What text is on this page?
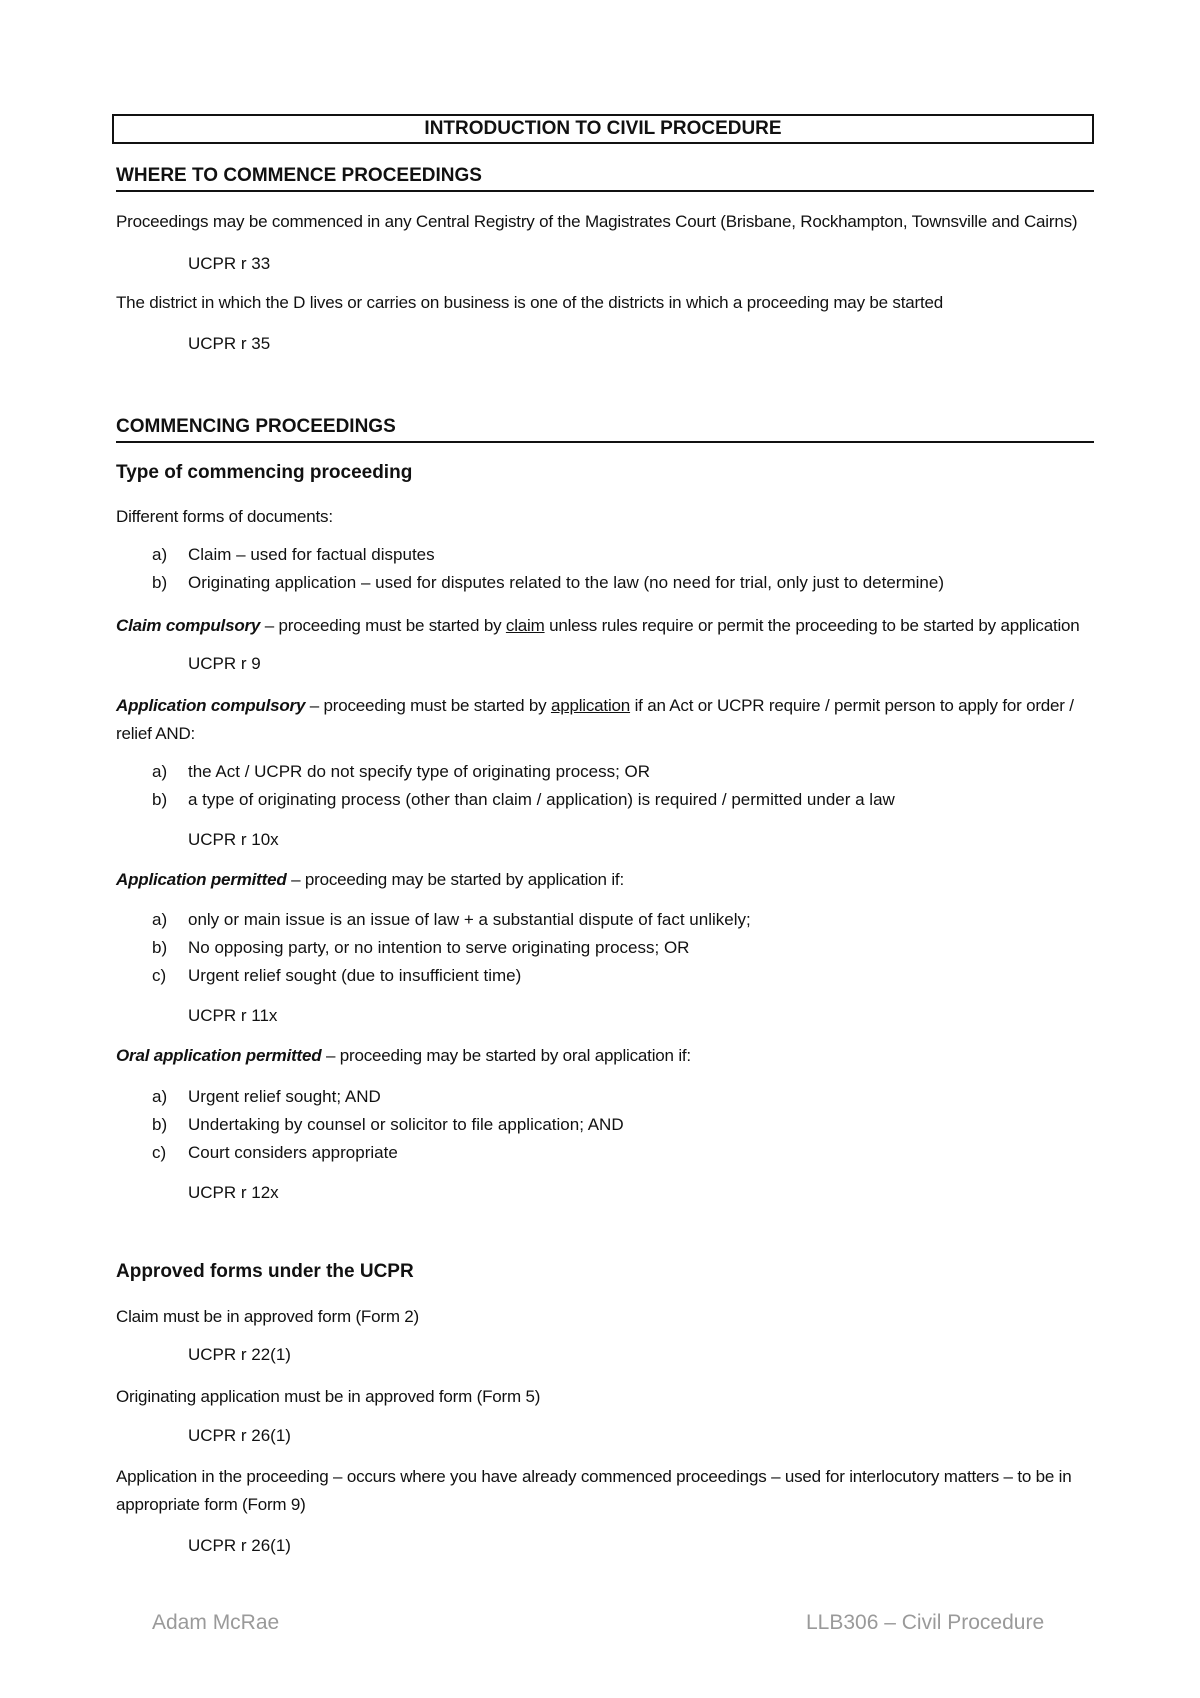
INTRODUCTION TO CIVIL PROCEDURE
WHERE TO COMMENCE PROCEEDINGS
Proceedings may be commenced in any Central Registry of the Magistrates Court (Brisbane, Rockhampton, Townsville and Cairns)
UCPR r 33
The district in which the D lives or carries on business is one of the districts in which a proceeding may be started
UCPR r 35
COMMENCING PROCEEDINGS
Type of commencing proceeding
Different forms of documents:
a) Claim – used for factual disputes
b) Originating application – used for disputes related to the law (no need for trial, only just to determine)
Claim compulsory – proceeding must be started by claim unless rules require or permit the proceeding to be started by application
UCPR r 9
Application compulsory – proceeding must be started by application if an Act or UCPR require / permit person to apply for order / relief AND:
a) the Act / UCPR do not specify type of originating process; OR
b) a type of originating process (other than claim / application) is required / permitted under a law
UCPR r 10x
Application permitted – proceeding may be started by application if:
a) only or main issue is an issue of law + a substantial dispute of fact unlikely;
b) No opposing party, or no intention to serve originating process; OR
c) Urgent relief sought (due to insufficient time)
UCPR r 11x
Oral application permitted – proceeding may be started by oral application if:
a) Urgent relief sought; AND
b) Undertaking by counsel or solicitor to file application; AND
c) Court considers appropriate
UCPR r 12x
Approved forms under the UCPR
Claim must be in approved form (Form 2)
UCPR r 22(1)
Originating application must be in approved form (Form 5)
UCPR r 26(1)
Application in the proceeding – occurs where you have already commenced proceedings – used for interlocutory matters – to be in appropriate form (Form 9)
UCPR r 26(1)
Adam McRae	LLB306 – Civil Procedure
